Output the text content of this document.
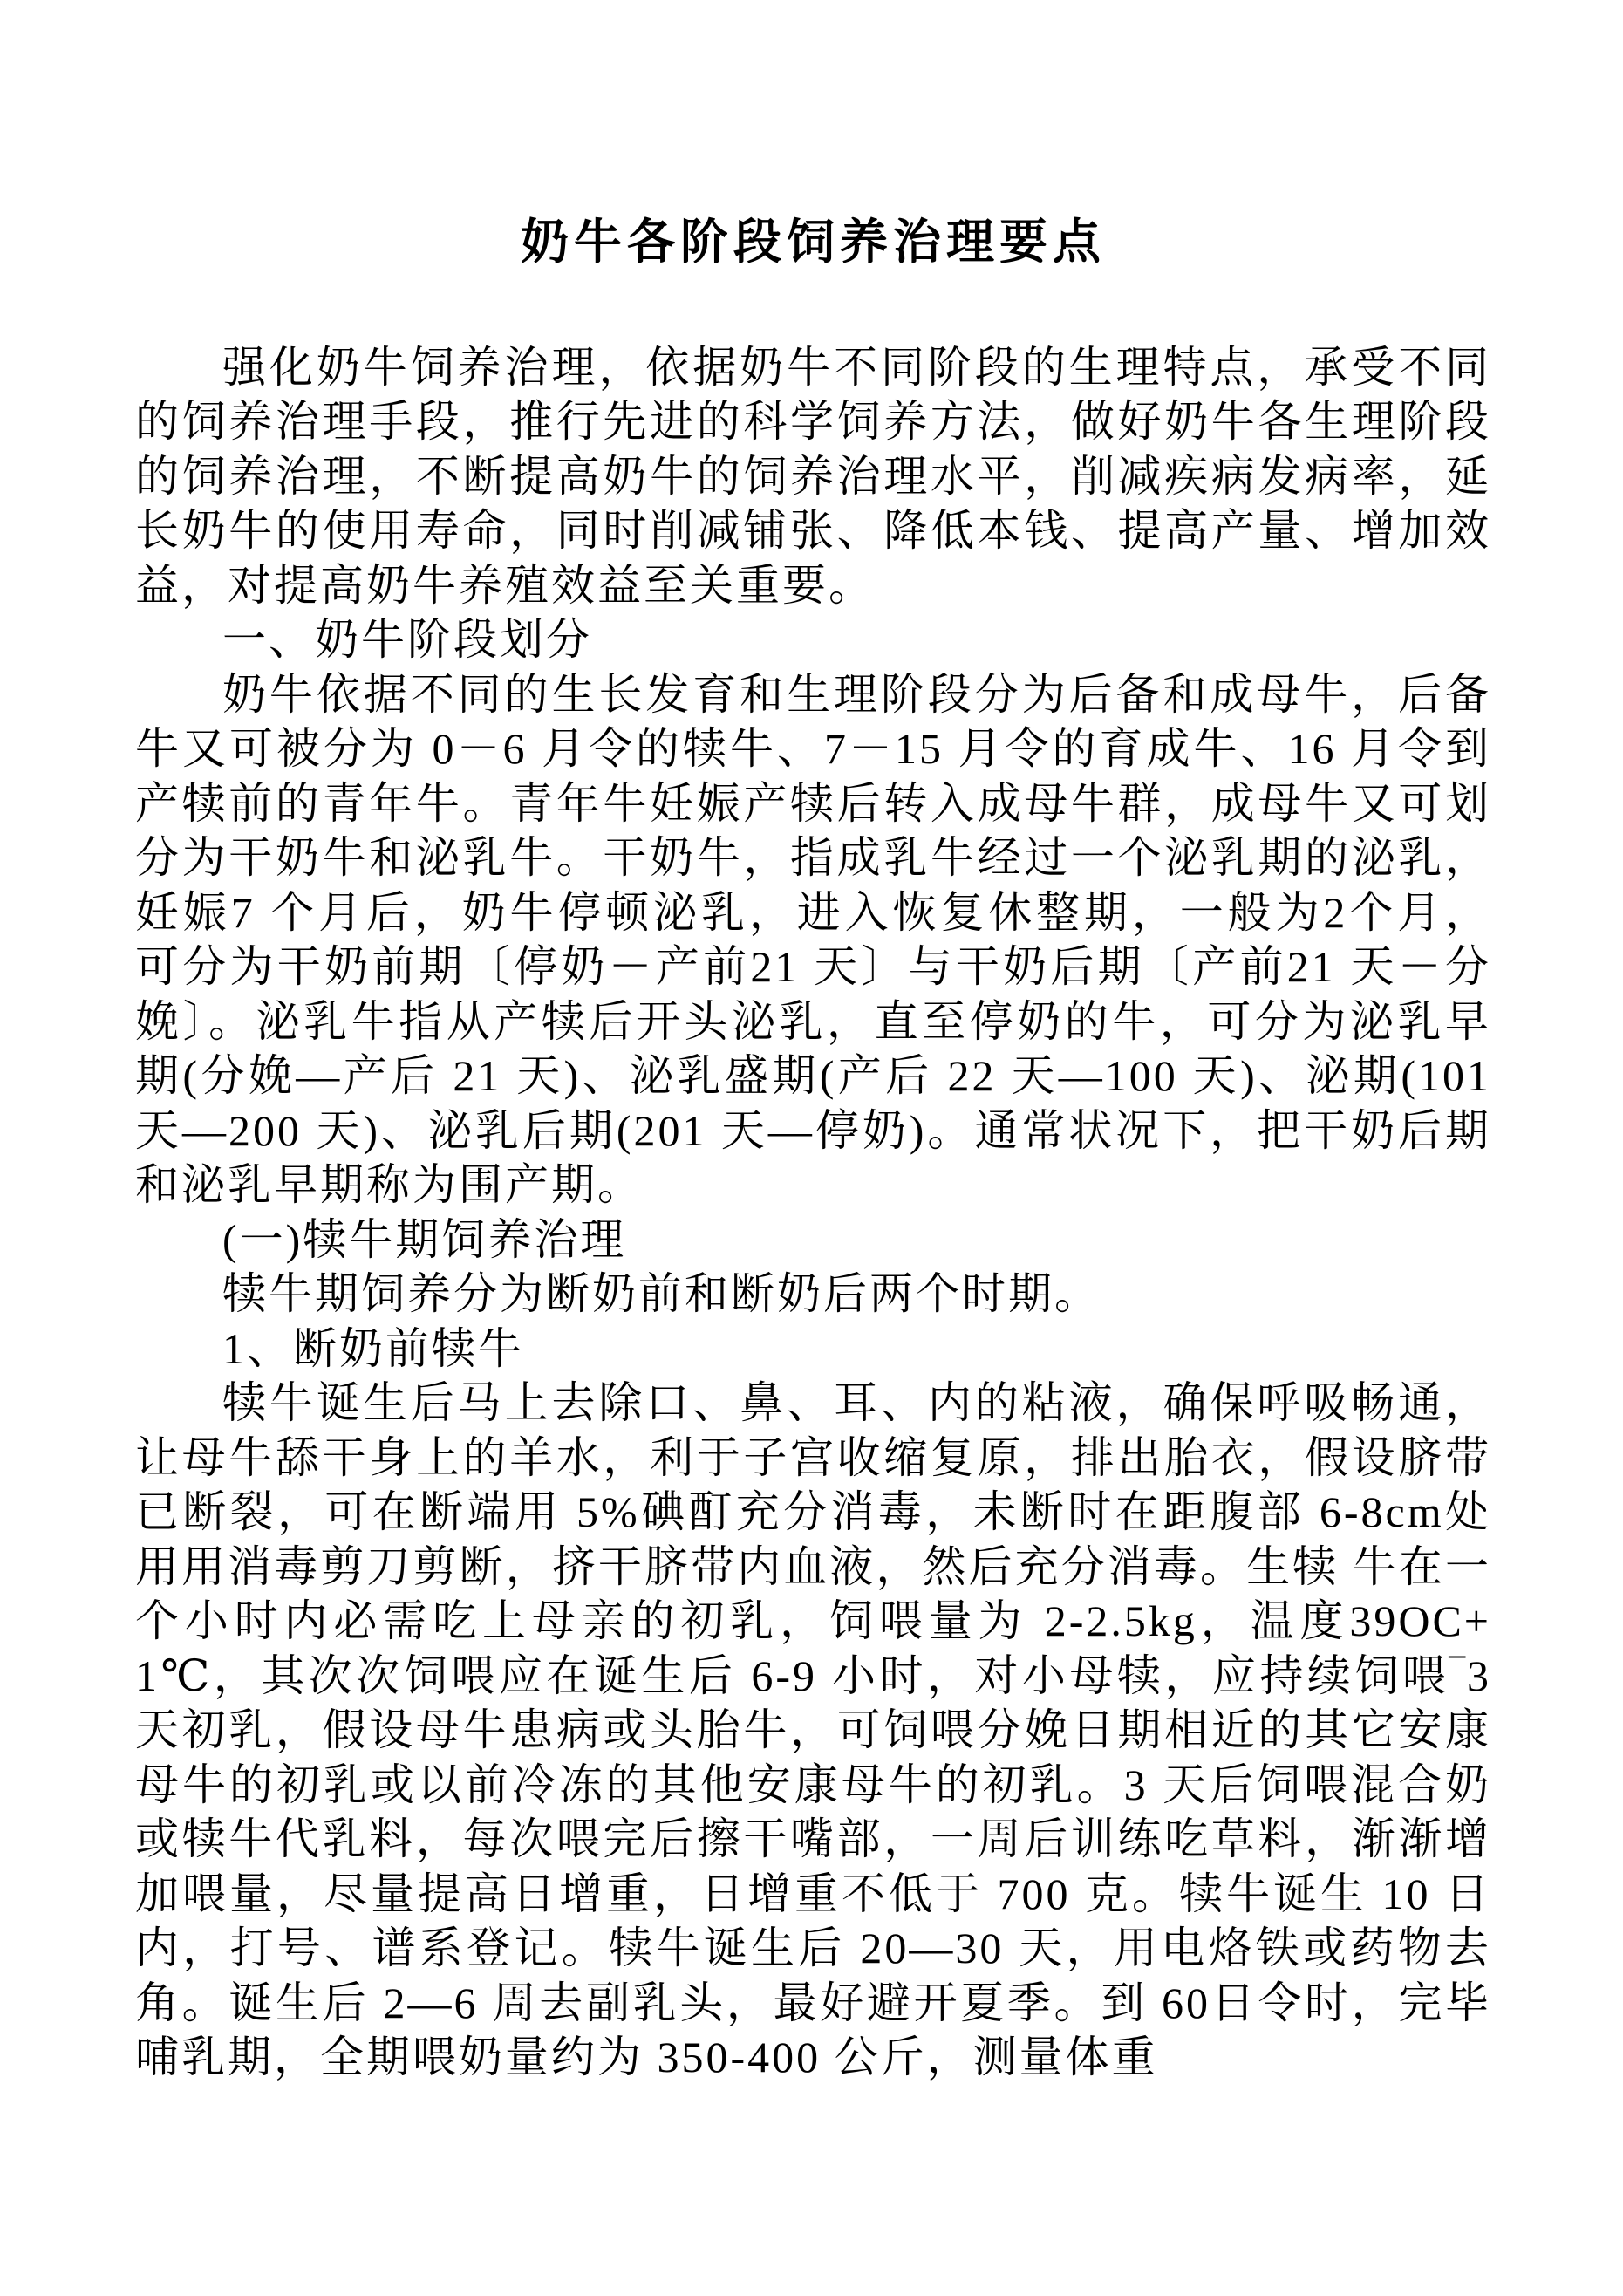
奶牛各阶段饲养治理要点

强化奶牛饲养治理，依据奶牛不同阶段的生理特点，承受不同的饲养治理手段，推行先进的科学饲养方法，做好奶牛各生理阶段的饲养治理，不断提高奶牛的饲养治理水平，削减疾病发病率，延长奶牛的使用寿命，同时削减铺张、降低本钱、提高产量、增加效益，对提高奶牛养殖效益至关重要。

一、奶牛阶段划分

奶牛依据不同的生长发育和生理阶段分为后备和成母牛，后备牛又可被分为 0－6 月令的犊牛、7－15 月令的育成牛、16 月令到产犊前的青年牛。青年牛妊娠产犊后转入成母牛群，成母牛又可划分为干奶牛和泌乳牛。干奶牛，指成乳牛经过一个泌乳期的泌乳，妊娠7 个月后，奶牛停顿泌乳，进入恢复休整期，一般为2个月，可分为干奶前期〔停奶－产前21 天〕与干奶后期〔产前21 天－分娩〕。泌乳牛指从产犊后开头泌乳，直至停奶的牛，可分为泌乳早期(分娩—产后 21 天)、泌乳盛期(产后 22 天—100 天)、泌期(101 天—200 天)、泌乳后期(201 天—停奶)。通常状况下，把干奶后期和泌乳早期称为围产期。

(一)犊牛期饲养治理

犊牛期饲养分为断奶前和断奶后两个时期。

1、断奶前犊牛

犊牛诞生后马上去除口、鼻、耳、内的粘液，确保呼吸畅通，让母牛舔干身上的羊水，利于子宫收缩复原，排出胎衣，假设脐带已断裂，可在断端用 5%碘酊充分消毒，未断时在距腹部 6-8cm处用用消毒剪刀剪断，挤干脐带内血液，然后充分消毒。生犊 牛在一个小时内必需吃上母亲的初乳，饲喂量为 2-2.5kg，温度39OC+1℃，其次次饲喂应在诞生后 6-9 小时，对小母犊，应持续饲喂‾3 天初乳，假设母牛患病或头胎牛，可饲喂分娩日期相近的其它安康母牛的初乳或以前冷冻的其他安康母牛的初乳。3 天后饲喂混合奶或犊牛代乳料，每次喂完后擦干嘴部，一周后训练吃草料，渐渐增加喂量，尽量提高日增重，日增重不低于 700 克。犊牛诞生 10 日内，打号、谱系登记。犊牛诞生后 20—30 天，用电烙铁或药物去角。诞生后 2—6 周去副乳头，最好避开夏季。到 60日令时，完毕哺乳期，全期喂奶量约为 350-400 公斤，测量体重
